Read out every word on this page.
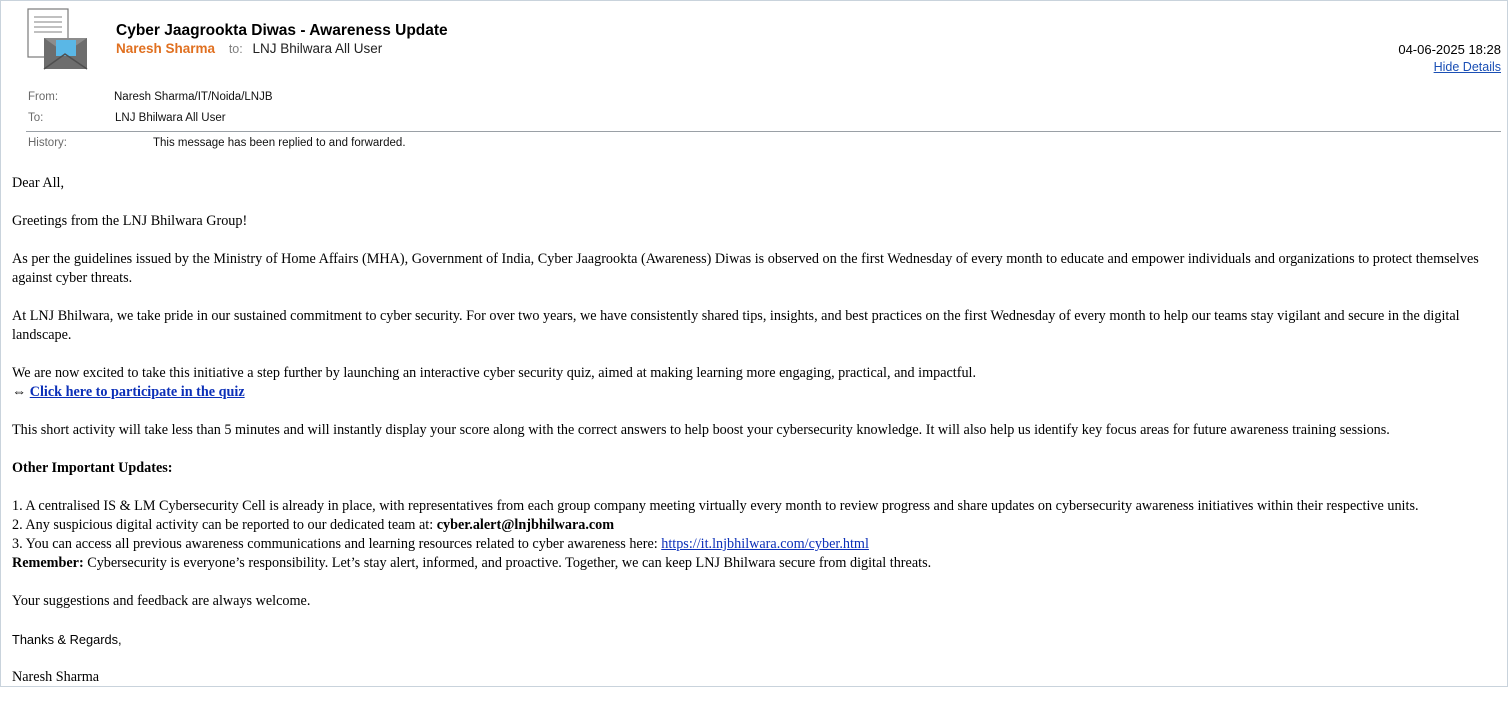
Cyber Jaagrookta Diwas - Awareness Update
Naresh Sharma to: LNJ Bhilwara All User	04-06-2025 18:28
Hide Details
From:	Naresh Sharma/IT/Noida/LNJB
To:	LNJ Bhilwara All User
History:	This message has been replied to and forwarded.

Dear All,

Greetings from the LNJ Bhilwara Group!

As per the guidelines issued by the Ministry of Home Affairs (MHA), Government of India, Cyber Jaagrookta (Awareness) Diwas is observed on the first Wednesday of every month to educate and empower individuals and organizations to protect themselves against cyber threats.

At LNJ Bhilwara, we take pride in our sustained commitment to cyber security. For over two years, we have consistently shared tips, insights, and best practices on the first Wednesday of every month to help our teams stay vigilant and secure in the digital landscape.

We are now excited to take this initiative a step further by launching an interactive cyber security quiz, aimed at making learning more engaging, practical, and impactful.

⇔ Click here to participate in the quiz

This short activity will take less than 5 minutes and will instantly display your score along with the correct answers to help boost your cybersecurity knowledge. It will also help us identify key focus areas for future awareness training sessions.

Other Important Updates:

1. A centralised IS & LM Cybersecurity Cell is already in place, with representatives from each group company meeting virtually every month to review progress and share updates on cybersecurity awareness initiatives within their respective units.

2. Any suspicious digital activity can be reported to our dedicated team at: cyber.alert@lnjbhilwara.com

3. You can access all previous awareness communications and learning resources related to cyber awareness here: https://it.lnjbhilwara.com/cyber.html

Remember: Cybersecurity is everyone’s responsibility. Let’s stay alert, informed, and proactive. Together, we can keep LNJ Bhilwara secure from digital threats.

Your suggestions and feedback are always welcome.

Thanks & Regards,

Naresh Sharma
